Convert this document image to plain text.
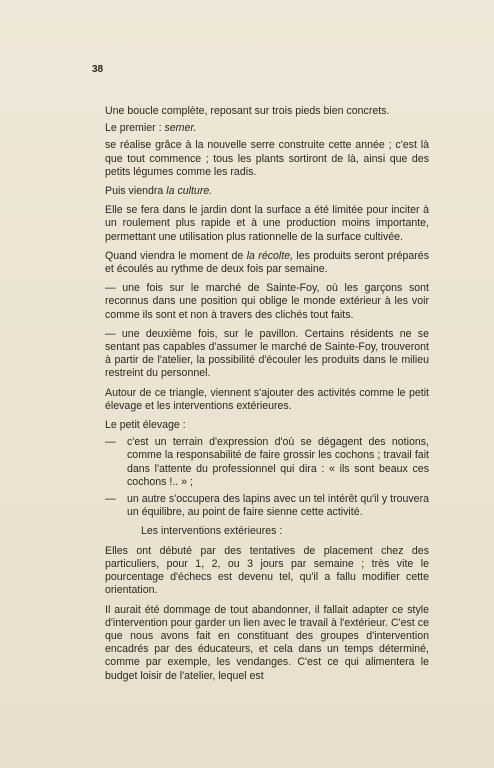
38

Une boucle complète, reposant sur trois pieds bien concrets.

Le premier : semer.

se réalise grâce à la nouvelle serre construite cette année ; c'est là que tout commence ; tous les plants sortiront de là, ainsi que des petits légumes comme les radis.

Puis viendra la culture.

Elle se fera dans le jardin dont la surface a été limitée pour inciter à un roulement plus rapide et à une production moins importante, permettant une utilisation plus rationnelle de la surface cultivée.

Quand viendra le moment de la récolte, les produits seront préparés et écoulés au rythme de deux fois par semaine.

— une fois sur le marché de Sainte-Foy, où les garçons sont reconnus dans une position qui oblige le monde extérieur à les voir comme ils sont et non à travers des clichés tout faits.

— une deuxième fois, sur le pavillon. Certains résidents ne se sentant pas capables d'assumer le marché de Sainte-Foy, trouveront à partir de l'atelier, la possibilité d'écouler les produits dans le milieu restreint du personnel.

Autour de ce triangle, viennent s'ajouter des activités comme le petit élevage et les interventions extérieures.

Le petit élevage :

— c'est un terrain d'expression d'où se dégagent des notions, comme la responsabilité de faire grossir les cochons ; travail fait dans l'attente du professionnel qui dira : « ils sont beaux ces cochons !.. » ;
— un autre s'occupera des lapins avec un tel intérêt qu'il y trouvera un équilibre, au point de faire sienne cette activité.

Les interventions extérieures :

Elles ont débuté par des tentatives de placement chez des particuliers, pour 1, 2, ou 3 jours par semaine ; très vite le pourcentage d'échecs est devenu tel, qu'il a fallu modifier cette orientation.

Il aurait été dommage de tout abandonner, il fallait adapter ce style d'intervention pour garder un lien avec le travail à l'extérieur. C'est ce que nous avons fait en constituant des groupes d'intervention encadrés par des éducateurs, et cela dans un temps déterminé, comme par exemple, les vendanges. C'est ce qui alimentera le budget loisir de l'atelier, lequel est
